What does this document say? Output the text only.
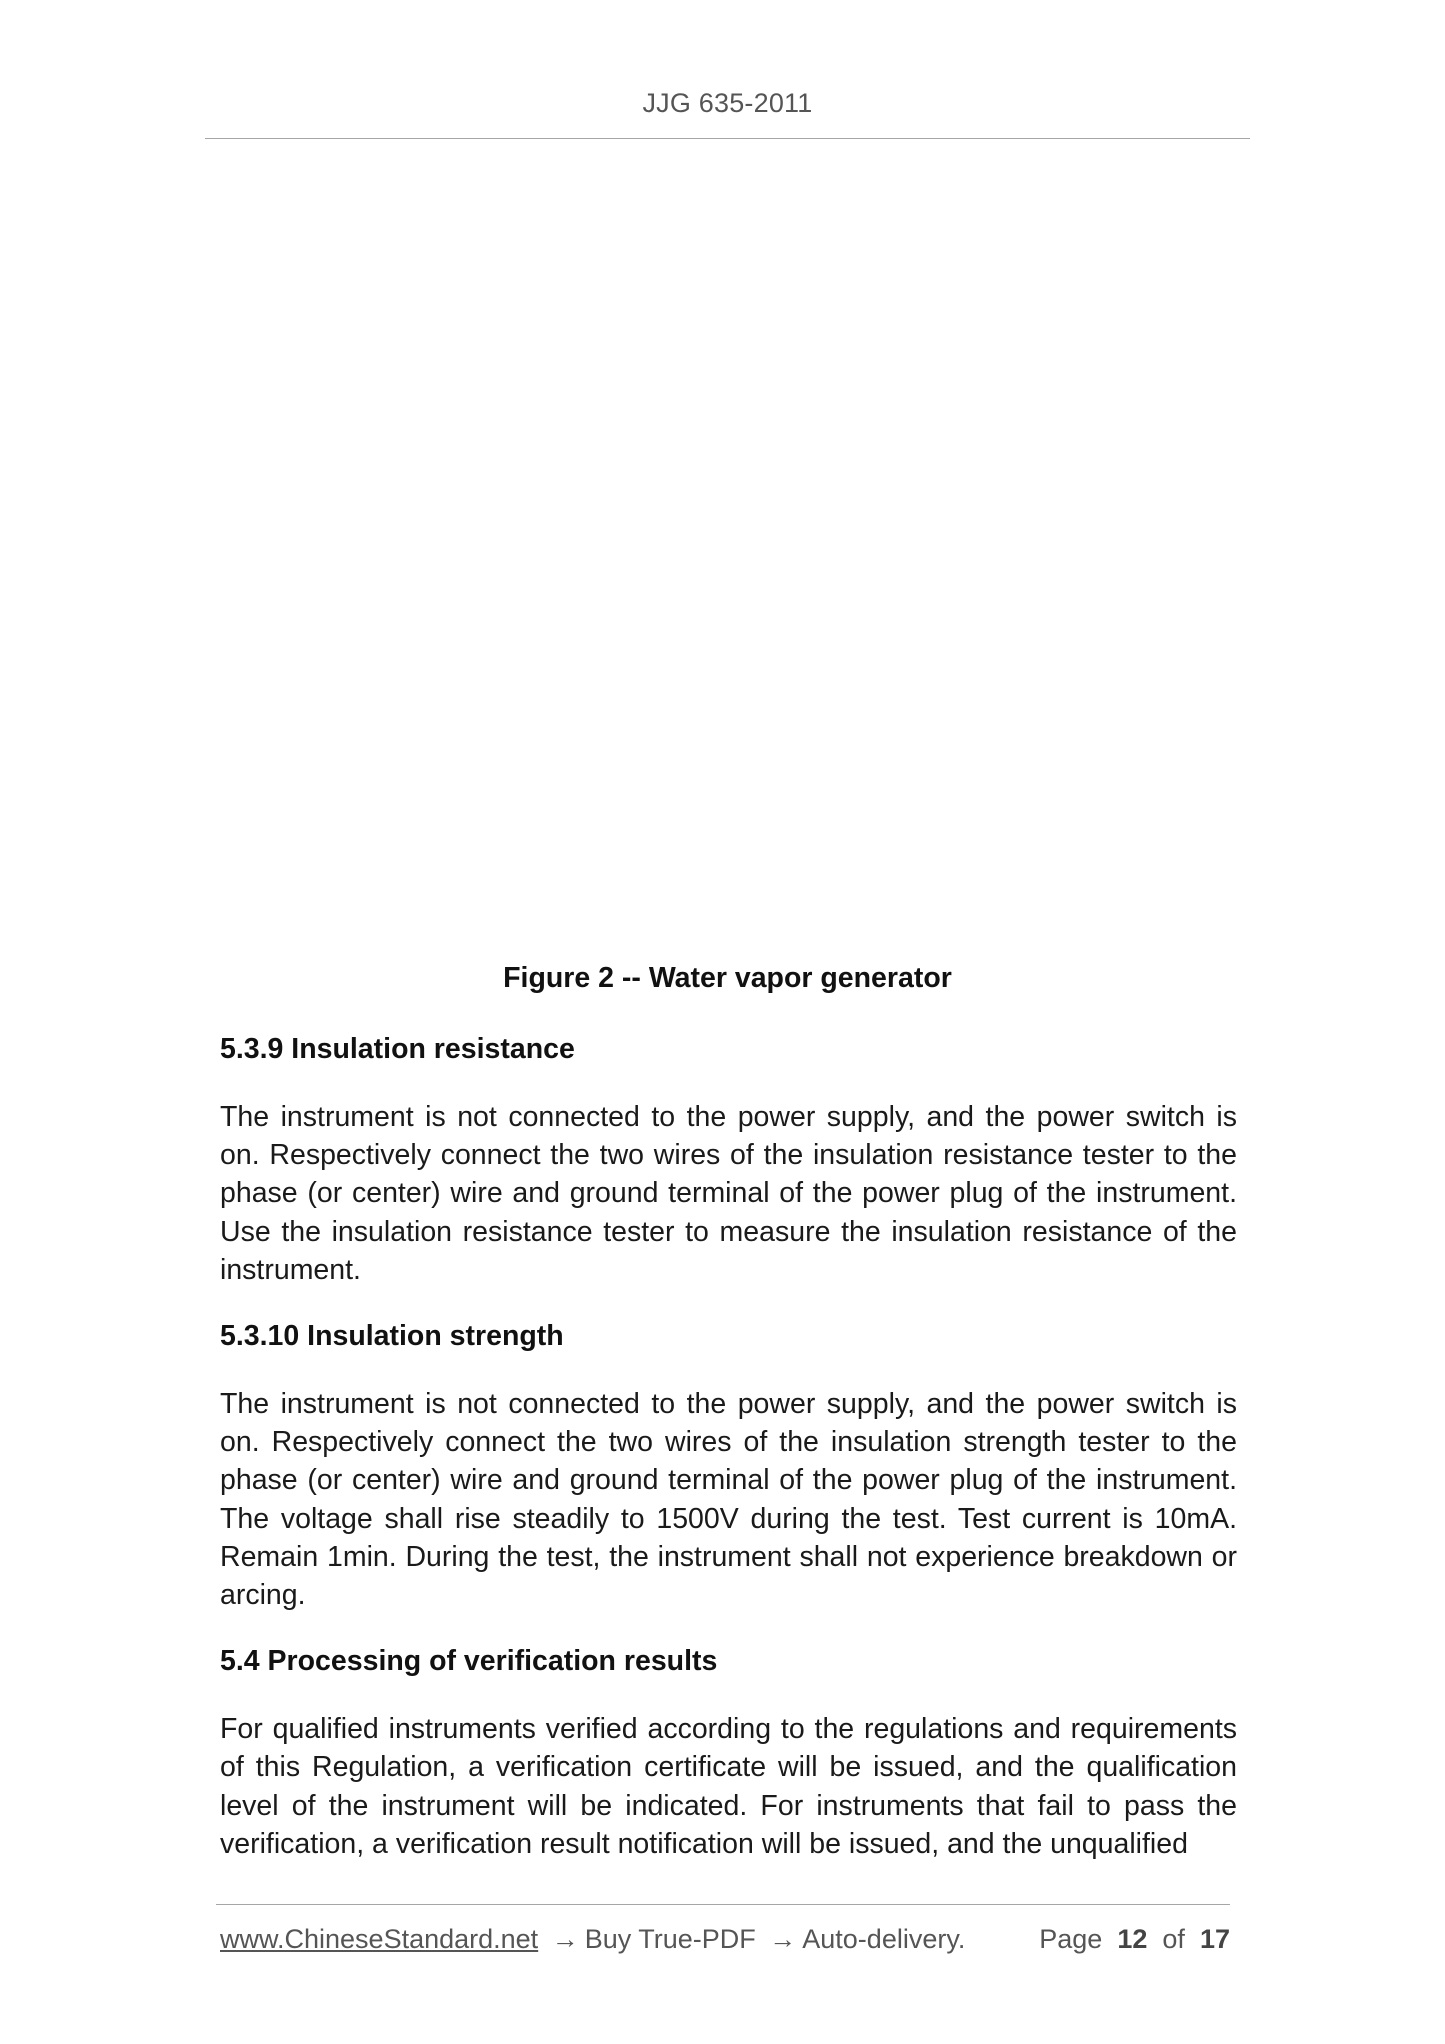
JJG 635-2011
Figure 2 -- Water vapor generator
5.3.9 Insulation resistance

The instrument is not connected to the power supply, and the power switch is on. Respectively connect the two wires of the insulation resistance tester to the phase (or center) wire and ground terminal of the power plug of the instrument. Use the insulation resistance tester to measure the insulation resistance of the instrument.

5.3.10 Insulation strength

The instrument is not connected to the power supply, and the power switch is on. Respectively connect the two wires of the insulation strength tester to the phase (or center) wire and ground terminal of the power plug of the instrument. The voltage shall rise steadily to 1500V during the test. Test current is 10mA. Remain 1min. During the test, the instrument shall not experience breakdown or arcing.

5.4 Processing of verification results

For qualified instruments verified according to the regulations and requirements of this Regulation, a verification certificate will be issued, and the qualification level of the instrument will be indicated. For instruments that fail to pass the verification, a verification result notification will be issued, and the unqualified

www.ChineseStandard.net → Buy True-PDF → Auto-delivery.	Page 12 of 17
